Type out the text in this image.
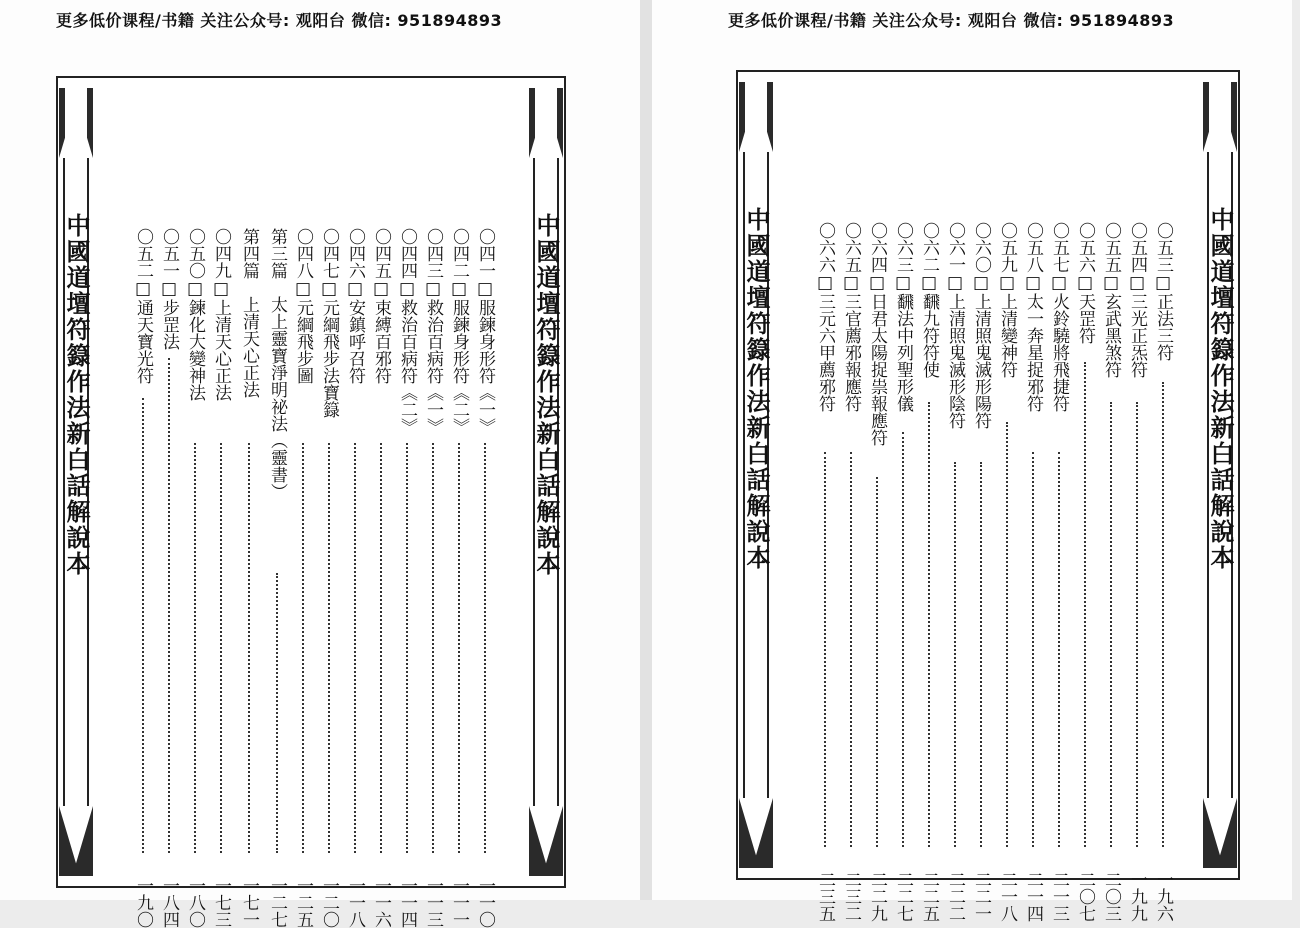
更多低价课程/书籍 关注公众号: 观阳台 微信: 951894893
中國道壇符籙作法新白話解說本	中國道壇符籙作法新白話解說本
〇四一□服鍊身形符《一》
一一〇
〇四二□服鍊身形符《二》
一一一
〇四三□救治百病符《一》
一一三
〇四四□救治百病符《二》
一一四
〇四五□束縛百邪符
一一六
〇四六□安鎮呼召符
一一八
〇四七□元綱飛步法寶籙
一二〇
〇四八□元綱飛步圖
一二五
第三篇　太上靈寶淨明祕法（靈書）
一二七
第四篇　上清天心正法
一七一
〇四九□上清天心正法
一七三
〇五〇□鍊化大變神法
一八〇
〇五一□步罡法
一八四
〇五二□通天寶光符
一九〇
更多低价课程/书籍 关注公众号: 观阳台 微信: 951894893
中國道壇符籙作法新白話解說本	中國道壇符籙作法新白話解說本
〇五三□正法三符
一九六
〇五四□三光正炁符
一九九
〇五五□玄武黑煞符
二〇三
〇五六□天罡符
二〇七
〇五七□火鈴驍將飛捷符
二一三
〇五八□太一奔星捉邪符
二一四
〇五九□上清變神符
二一八
〇六〇□上清照鬼滅形陽符
二二一
〇六一□上清照鬼滅形陰符
二二二
〇六二□飜九符符使
二二五
〇六三□飜法中列聖形儀
二二七
〇六四□日君太陽捉祟報應符
二二九
〇六五□三官薦邪報應符
二三二
〇六六□三元六甲薦邪符
二三五
